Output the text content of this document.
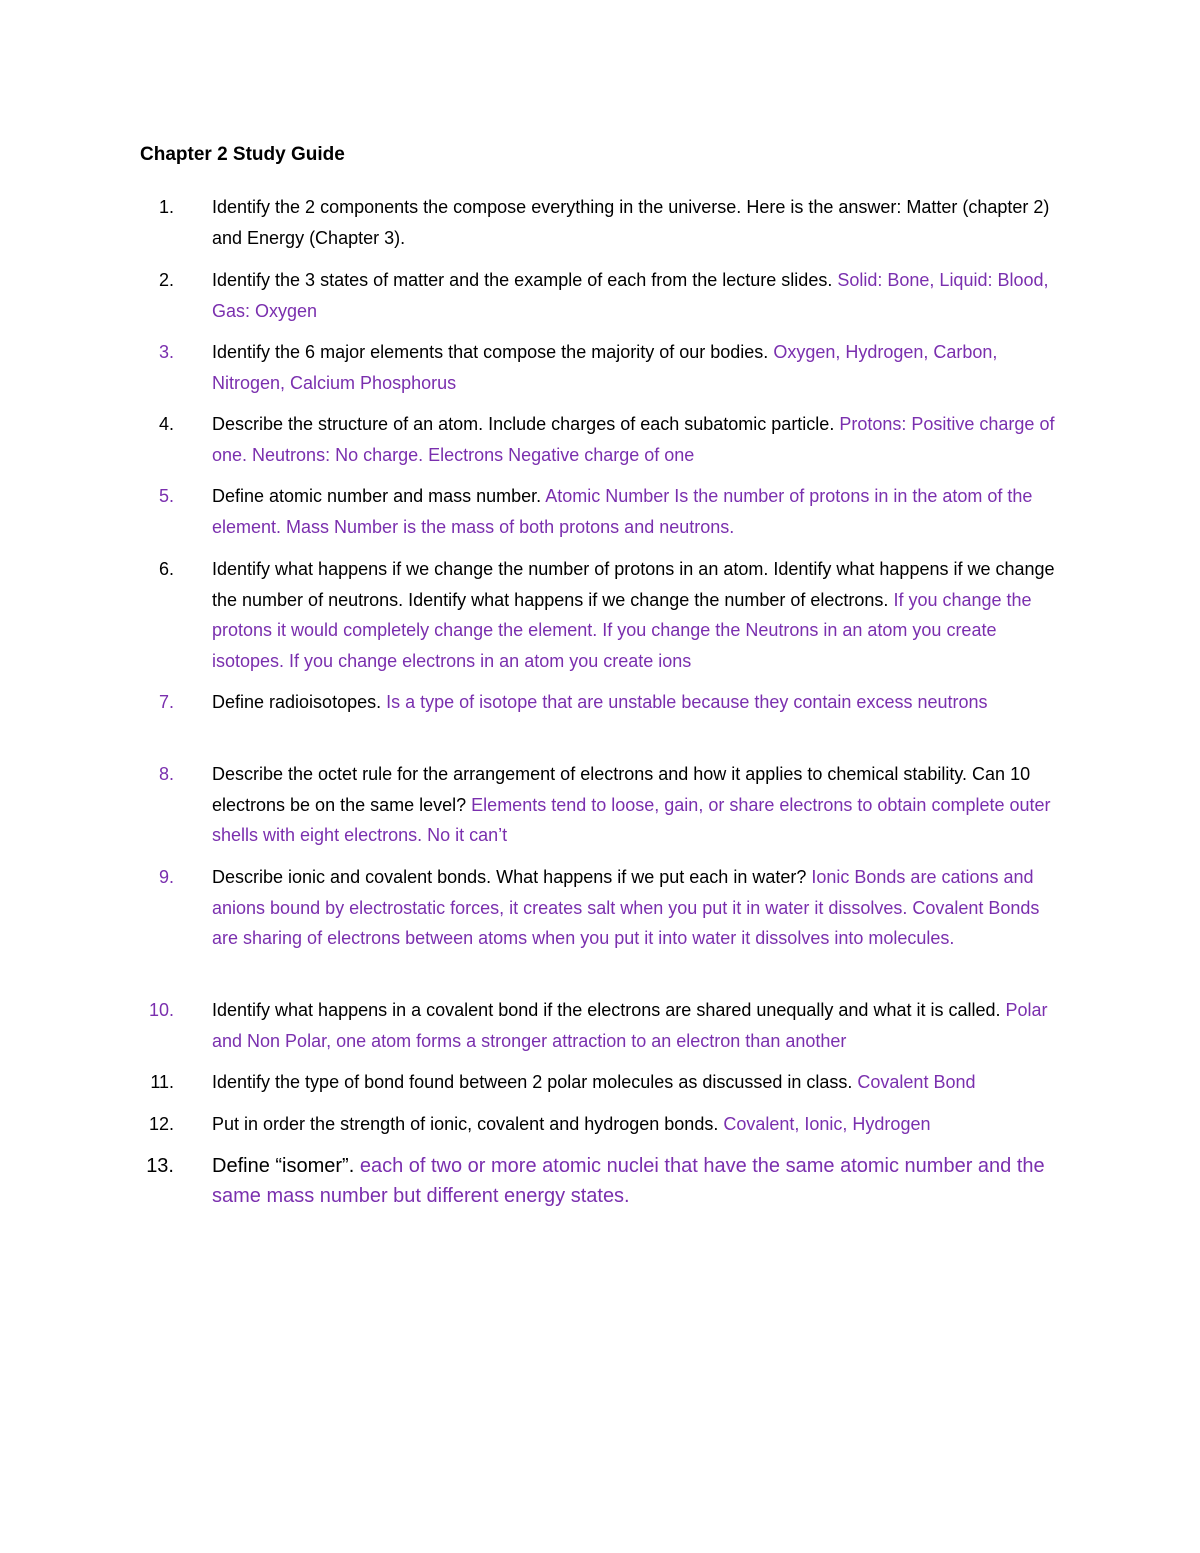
Chapter 2 Study Guide
1. Identify the 2 components the compose everything in the universe. Here is the answer: Matter (chapter 2) and Energy (Chapter 3).
2. Identify the 3 states of matter and the example of each from the lecture slides. Solid: Bone, Liquid: Blood, Gas: Oxygen
3. Identify the 6 major elements that compose the majority of our bodies. Oxygen, Hydrogen, Carbon, Nitrogen, Calcium Phosphorus
4. Describe the structure of an atom. Include charges of each subatomic particle. Protons: Positive charge of one. Neutrons: No charge. Electrons Negative charge of one
5. Define atomic number and mass number. Atomic Number Is the number of protons in in the atom of the element. Mass Number is the mass of both protons and neutrons.
6. Identify what happens if we change the number of protons in an atom. Identify what happens if we change the number of neutrons. Identify what happens if we change the number of electrons. If you change the protons it would completely change the element. If you change the Neutrons in an atom you create isotopes. If you change electrons in an atom you create ions
7. Define radioisotopes. Is a type of isotope that are unstable because they contain excess neutrons
8. Describe the octet rule for the arrangement of electrons and how it applies to chemical stability. Can 10 electrons be on the same level? Elements tend to loose, gain, or share electrons to obtain complete outer shells with eight electrons. No it can’t
9. Describe ionic and covalent bonds. What happens if we put each in water? Ionic Bonds are cations and anions bound by electrostatic forces, it creates salt when you put it in water it dissolves. Covalent Bonds are sharing of electrons between atoms when you put it into water it dissolves into molecules.
10. Identify what happens in a covalent bond if the electrons are shared unequally and what it is called. Polar and Non Polar, one atom forms a stronger attraction to an electron than another
11. Identify the type of bond found between 2 polar molecules as discussed in class. Covalent Bond
12. Put in order the strength of ionic, covalent and hydrogen bonds. Covalent, Ionic, Hydrogen
13. Define “isomer”. each of two or more atomic nuclei that have the same atomic number and the same mass number but different energy states.
